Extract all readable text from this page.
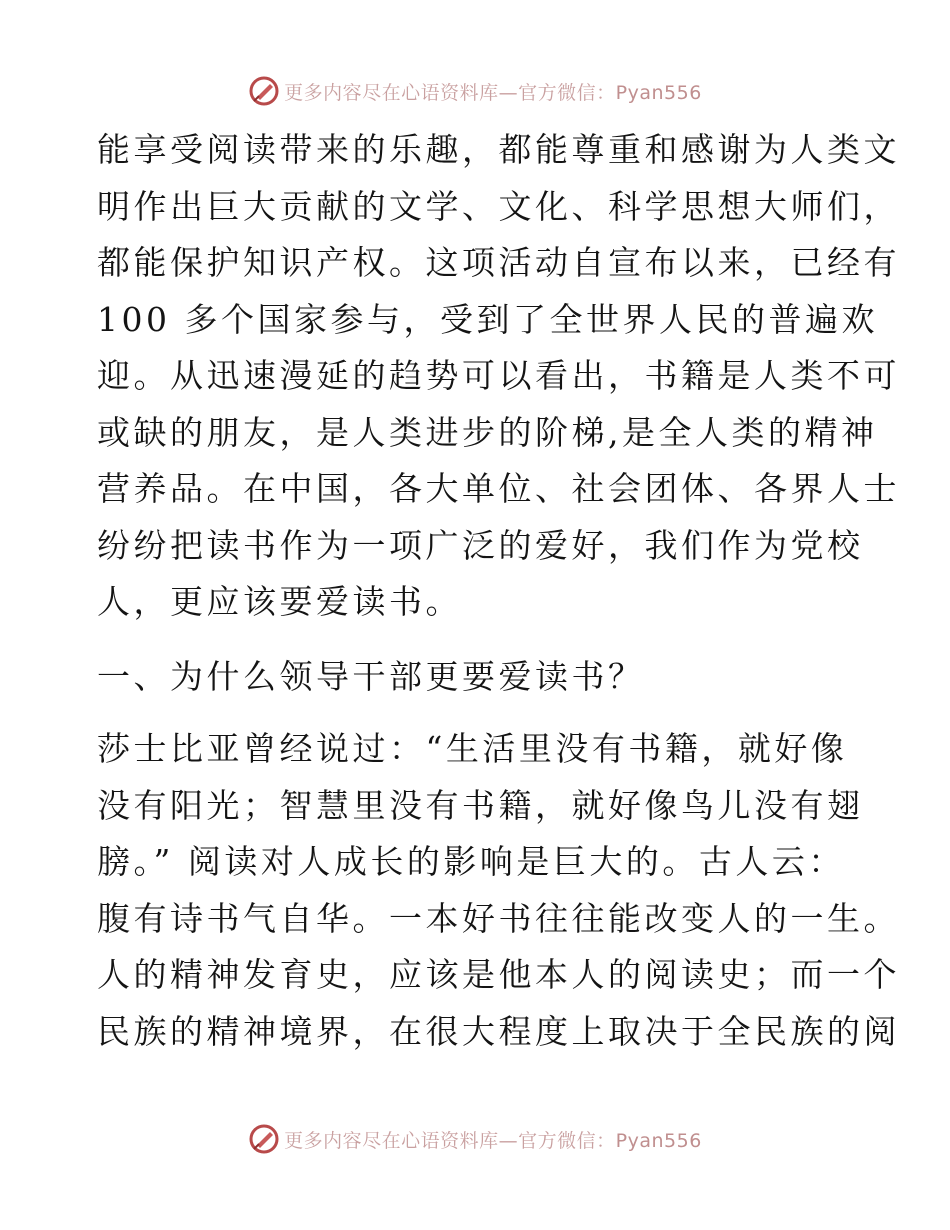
更多内容尽在心语资料库—官方微信：Pyan556
能享受阅读带来的乐趣，都能尊重和感谢为人类文
明作出巨大贡献的文学、文化、科学思想大师们，
都能保护知识产权。这项活动自宣布以来，已经有
100 多个国家参与，受到了全世界人民的普遍欢
迎。从迅速漫延的趋势可以看出，书籍是人类不可
或缺的朋友，是人类进步的阶梯,是全人类的精神
营养品。在中国，各大单位、社会团体、各界人士
纷纷把读书作为一项广泛的爱好，我们作为党校
人，更应该要爱读书。
一、为什么领导干部更要爱读书？
莎士比亚曾经说过：“生活里没有书籍，就好像
没有阳光；智慧里没有书籍，就好像鸟儿没有翅
膀。” 阅读对人成长的影响是巨大的。古人云：
腹有诗书气自华。一本好书往往能改变人的一生。
人的精神发育史，应该是他本人的阅读史；而一个
民族的精神境界，在很大程度上取决于全民族的阅
更多内容尽在心语资料库—官方微信：Pyan556
